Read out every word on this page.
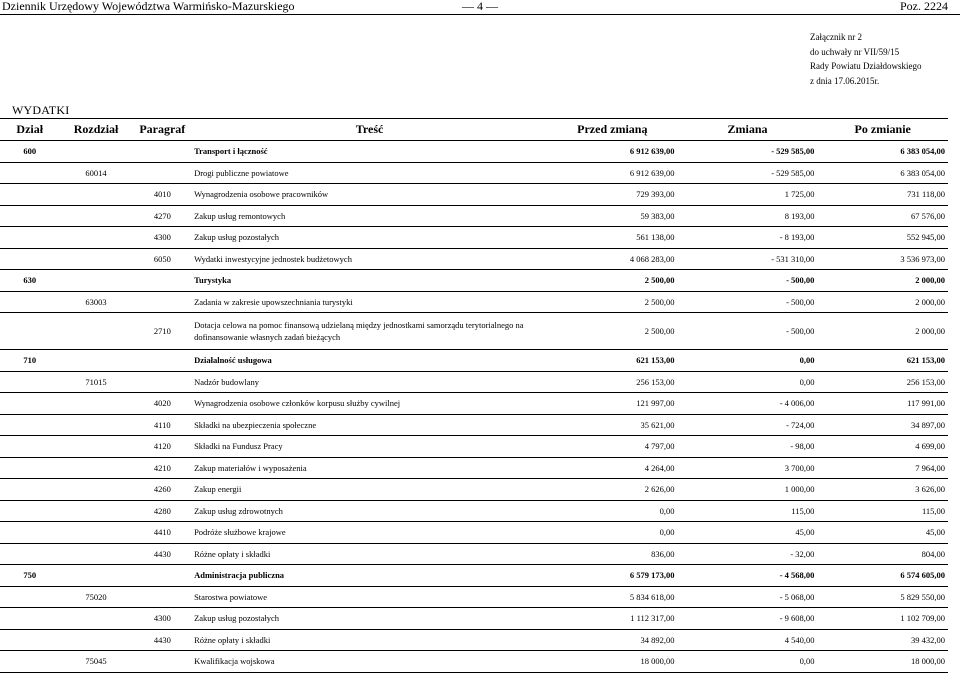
Dziennik Urzędowy Województwa Warmińsko-Mazurskiego	— 4 —	Poz. 2224
Załącznik nr 2
do uchwały nr VII/59/15
Rady Powiatu Działdowskiego
z dnia 17.06.2015r.
WYDATKI
Dział	Rozdział	Paragraf	Treść	Przed zmianą	Zmiana	Po zmianie
600			Transport i łączność	6 912 639,00	- 529 585,00	6 383 054,00
	60014		Drogi publiczne powiatowe	6 912 639,00	- 529 585,00	6 383 054,00
		4010	Wynagrodzenia osobowe pracowników	729 393,00	1 725,00	731 118,00
		4270	Zakup usług remontowych	59 383,00	8 193,00	67 576,00
		4300	Zakup usług pozostałych	561 138,00	- 8 193,00	552 945,00
		6050	Wydatki inwestycyjne jednostek budżetowych	4 068 283,00	- 531 310,00	3 536 973,00
630			Turystyka	2 500,00	- 500,00	2 000,00
	63003		Zadania w zakresie upowszechniania turystyki	2 500,00	- 500,00	2 000,00
		2710	Dotacja celowa na pomoc finansową udzielaną między jednostkami samorządu terytorialnego na dofinansowanie własnych zadań bieżących	2 500,00	- 500,00	2 000,00
710			Działalność usługowa	621 153,00	0,00	621 153,00
	71015		Nadzór budowlany	256 153,00	0,00	256 153,00
		4020	Wynagrodzenia osobowe członków korpusu służby cywilnej	121 997,00	- 4 006,00	117 991,00
		4110	Składki na ubezpieczenia społeczne	35 621,00	- 724,00	34 897,00
		4120	Składki na Fundusz Pracy	4 797,00	- 98,00	4 699,00
		4210	Zakup materiałów i wyposażenia	4 264,00	3 700,00	7 964,00
		4260	Zakup energii	2 626,00	1 000,00	3 626,00
		4280	Zakup usług zdrowotnych	0,00	115,00	115,00
		4410	Podróże służbowe krajowe	0,00	45,00	45,00
		4430	Różne opłaty i składki	836,00	- 32,00	804,00
750			Administracja publiczna	6 579 173,00	- 4 568,00	6 574 605,00
	75020		Starostwa powiatowe	5 834 618,00	- 5 068,00	5 829 550,00
		4300	Zakup usług pozostałych	1 112 317,00	- 9 608,00	1 102 709,00
		4430	Różne opłaty i składki	34 892,00	4 540,00	39 432,00
	75045		Kwalifikacja wojskowa	18 000,00	0,00	18 000,00
